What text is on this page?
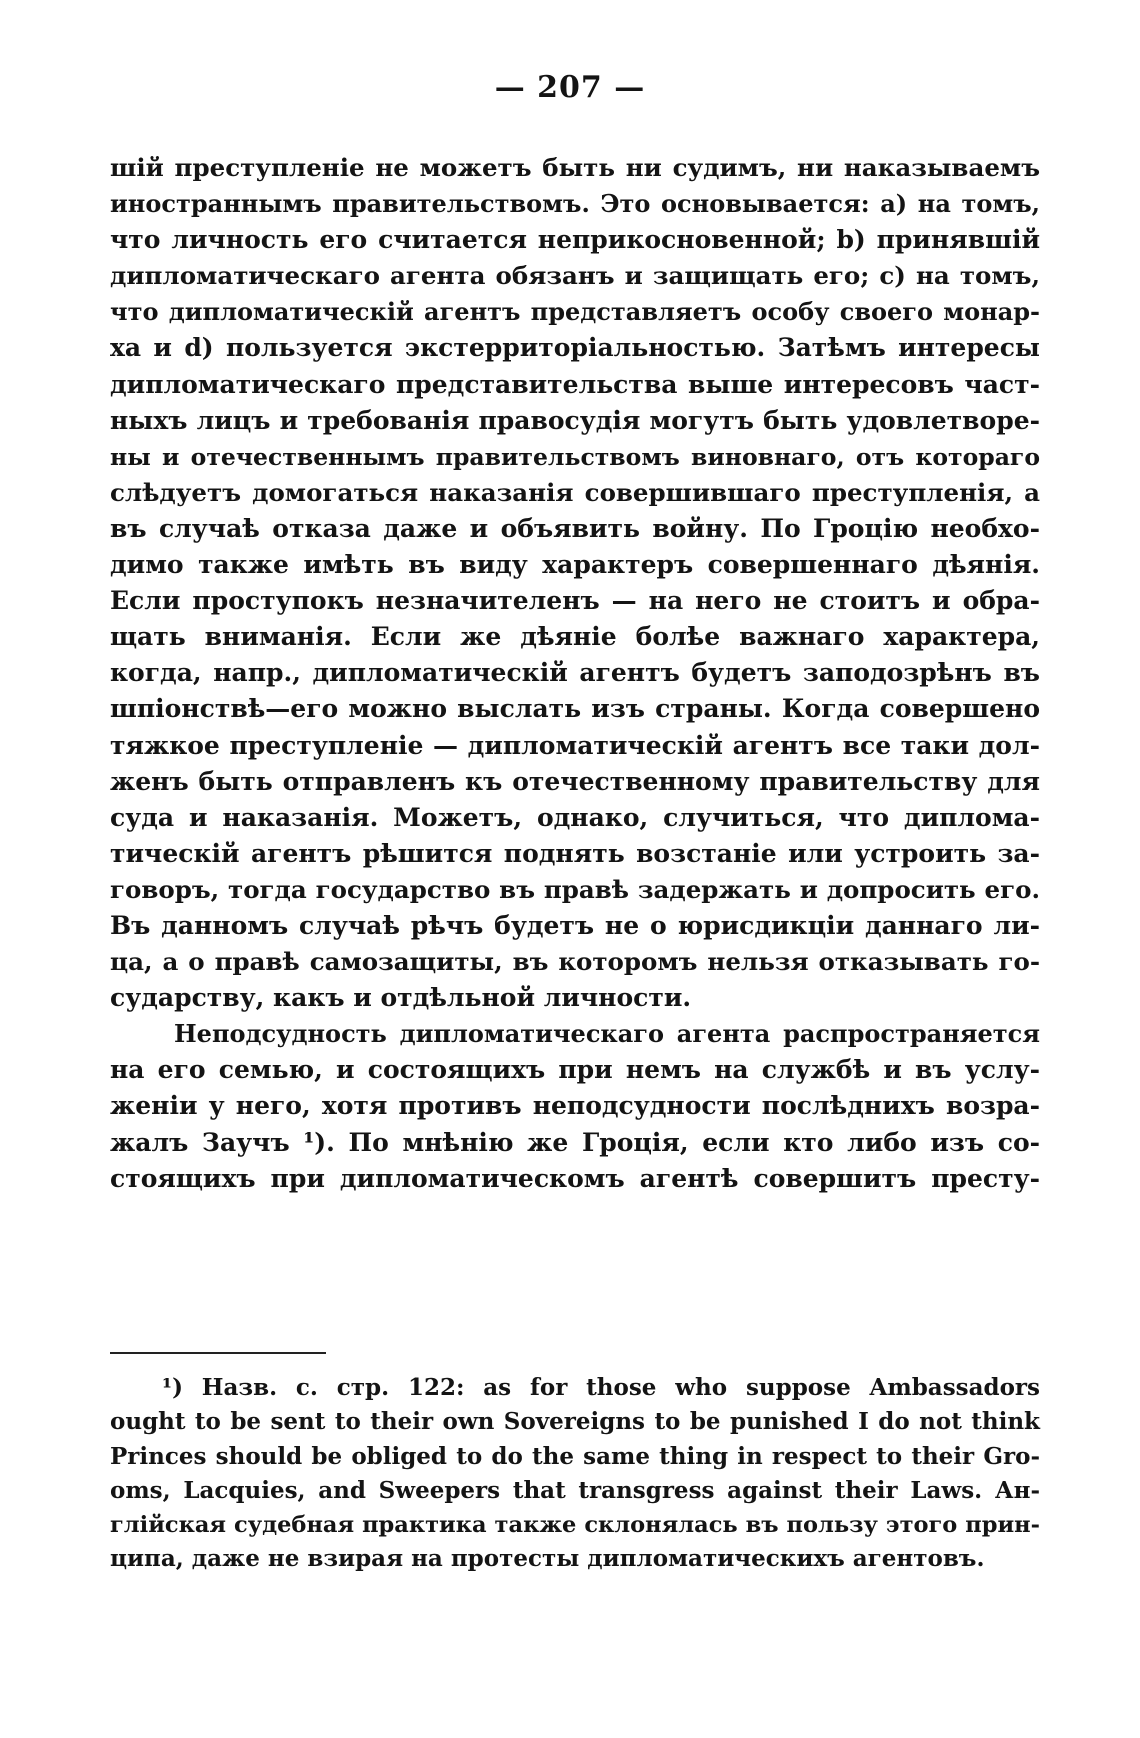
— 207 —
шій преступленіе не можетъ быть ни судимъ, ни наказываемъ
иностраннымъ правительствомъ. Это основывается: a) на томъ,
что личность его считается неприкосновенной; b) принявшій
дипломатическаго агента обязанъ и защищать его; c) на томъ,
что дипломатическій агентъ представляетъ особу своего монар-
ха и d) пользуется экстерриторіальностью. Затѣмъ интересы
дипломатическаго представительства выше интересовъ част-
ныхъ лицъ и требованія правосудія могутъ быть удовлетворе-
ны и отечественнымъ правительствомъ виновнаго, отъ котораго
слѣдуетъ домогаться наказанія совершившаго преступленія, а
въ случаѣ отказа даже и объявить войну. По Гроцію необхо-
димо также имѣть въ виду характеръ совершеннаго дѣянія.
Если проступокъ незначителенъ — на него не стоитъ и обра-
щать вниманія. Если же дѣяніе болѣе важнаго характера,
когда, напр., дипломатическій агентъ будетъ заподозрѣнъ въ
шпіонствѣ—его можно выслать изъ страны. Когда совершено
тяжкое преступленіе — дипломатическій агентъ все таки дол-
женъ быть отправленъ къ отечественному правительству для
суда и наказанія. Можетъ, однако, случиться, что диплома-
тическій агентъ рѣшится поднять возстаніе или устроить за-
говоръ, тогда государство въ правѣ задержать и допросить его.
Въ данномъ случаѣ рѣчъ будетъ не о юрисдикціи даннаго ли-
ца, а о правѣ самозащиты, въ которомъ нельзя отказывать го-
сударству, какъ и отдѣльной личности.
Неподсудность дипломатическаго агента распространяется
на его семью, и состоящихъ при немъ на службѣ и въ услу-
женіи у него, хотя противъ неподсудности послѣднихъ возра-
жалъ Заучъ ¹). По мнѣнію же Гроція, если кто либо изъ со-
стоящихъ при дипломатическомъ агентѣ совершитъ престу-
¹) Назв. с. стр. 122: as for those who suppose Ambassadors
ought to be sent to their own Sovereigns to be punished I do not think
Princes should be obliged to do the same thing in respect to their Gro-
oms, Lacquies, and Sweepers that transgress against their Laws. Ан-
глійская судебная практика также склонялась въ пользу этого прин-
ципа, даже не взирая на протесты дипломатическихъ агентовъ.
